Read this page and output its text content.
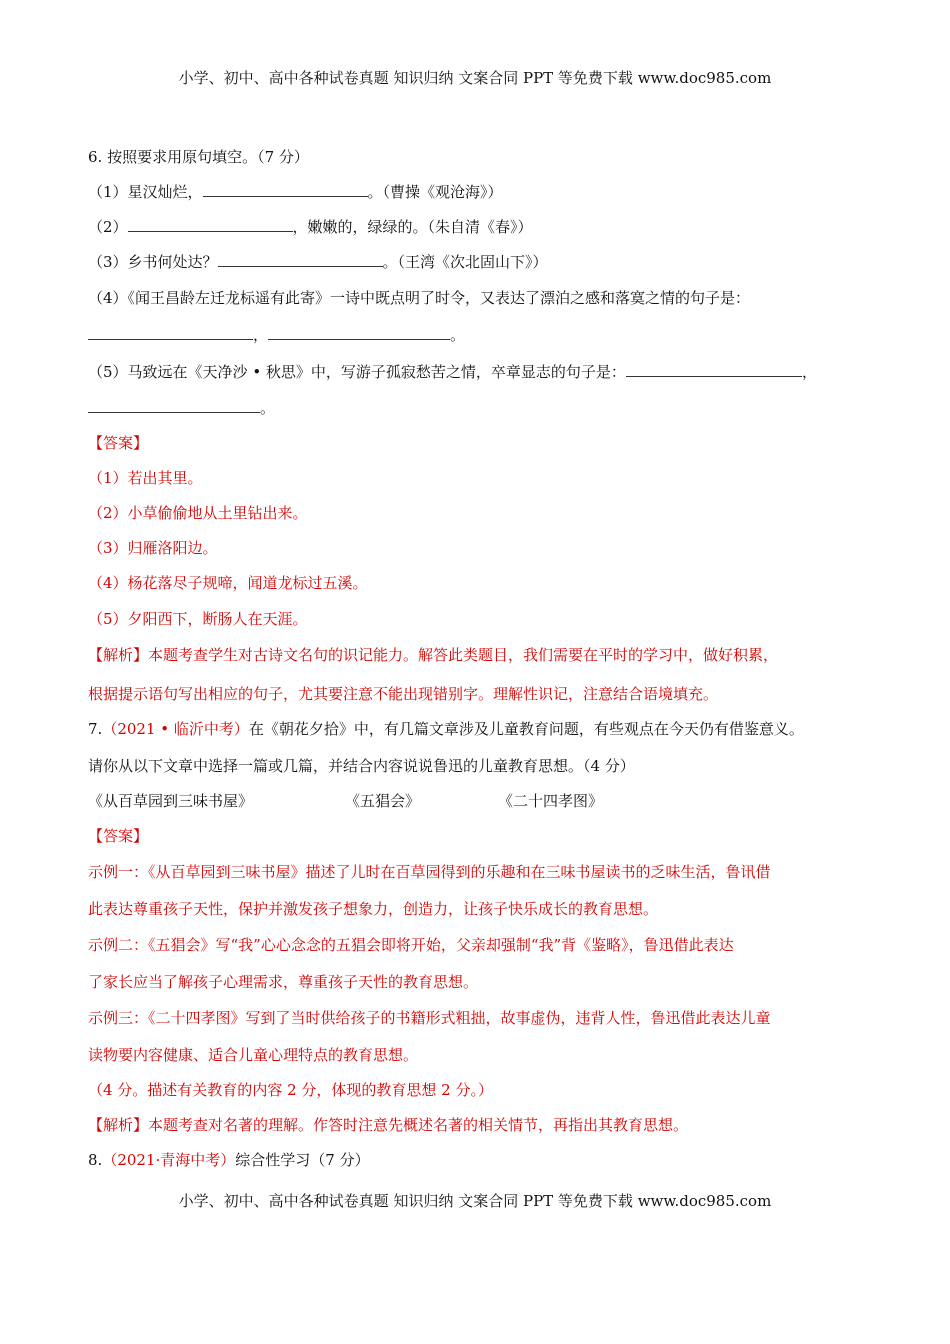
小学、初中、高中各种试卷真题 知识归纳 文案合同 PPT 等免费下载 www.doc985.com
6. 按照要求用原句填空。（7 分）
（1）星汉灿烂，	。（曹操《观沧海》）
（2）	，嫩嫩的，绿绿的。（朱自清《春》）
（3）乡书何处达？	。（王湾《次北固山下》）
（4）《闻王昌龄左迁龙标遥有此寄》一诗中既点明了时令，又表达了漂泊之感和落寞之情的句子是：
，	。
（5）马致远在《天净沙 • 秋思》中，写游子孤寂愁苦之情，卒章显志的句子是：	，
。
【答案】
（1）若出其里。
（2）小草偷偷地从土里钻出来。
（3）归雁洛阳边。
（4）杨花落尽子规啼，闻道龙标过五溪。
（5）夕阳西下，断肠人在天涯。
【解析】本题考查学生对古诗文名句的识记能力。解答此类题目，我们需要在平时的学习中，做好积累，
根据提示语句写出相应的句子，尤其要注意不能出现错别字。理解性识记，注意结合语境填充。
7.（2021 • 临沂中考）在《朝花夕拾》中，有几篇文章涉及儿童教育问题，有些观点在今天仍有借鉴意义。
请你从以下文章中选择一篇或几篇，并结合内容说说鲁迅的儿童教育思想。（4 分）
《从百草园到三味书屋》	《五猖会》	《二十四孝图》
【答案】
示例一：《从百草园到三味书屋》描述了儿时在百草园得到的乐趣和在三味书屋读书的乏味生活，鲁讯借
此表达尊重孩子天性，保护并激发孩子想象力，创造力，让孩子快乐成长的教育思想。
示例二：《五猖会》写“我”心心念念的五猖会即将开始，父亲却强制“我”背《鉴略》，鲁迅借此表达
了家长应当了解孩子心理需求，尊重孩子天性的教育思想。
示例三：《二十四孝图》写到了当时供给孩子的书籍形式粗拙，故事虚伪，违背人性，鲁迅借此表达儿童
读物要内容健康、适合儿童心理特点的教育思想。
（4 分。描述有关教育的内容 2 分，体现的教育思想 2 分。）
【解析】本题考查对名著的理解。作答时注意先概述名著的相关情节，再指出其教育思想。
8.（2021·青海中考）综合性学习（7 分）
小学、初中、高中各种试卷真题 知识归纳 文案合同 PPT 等免费下载 www.doc985.com
